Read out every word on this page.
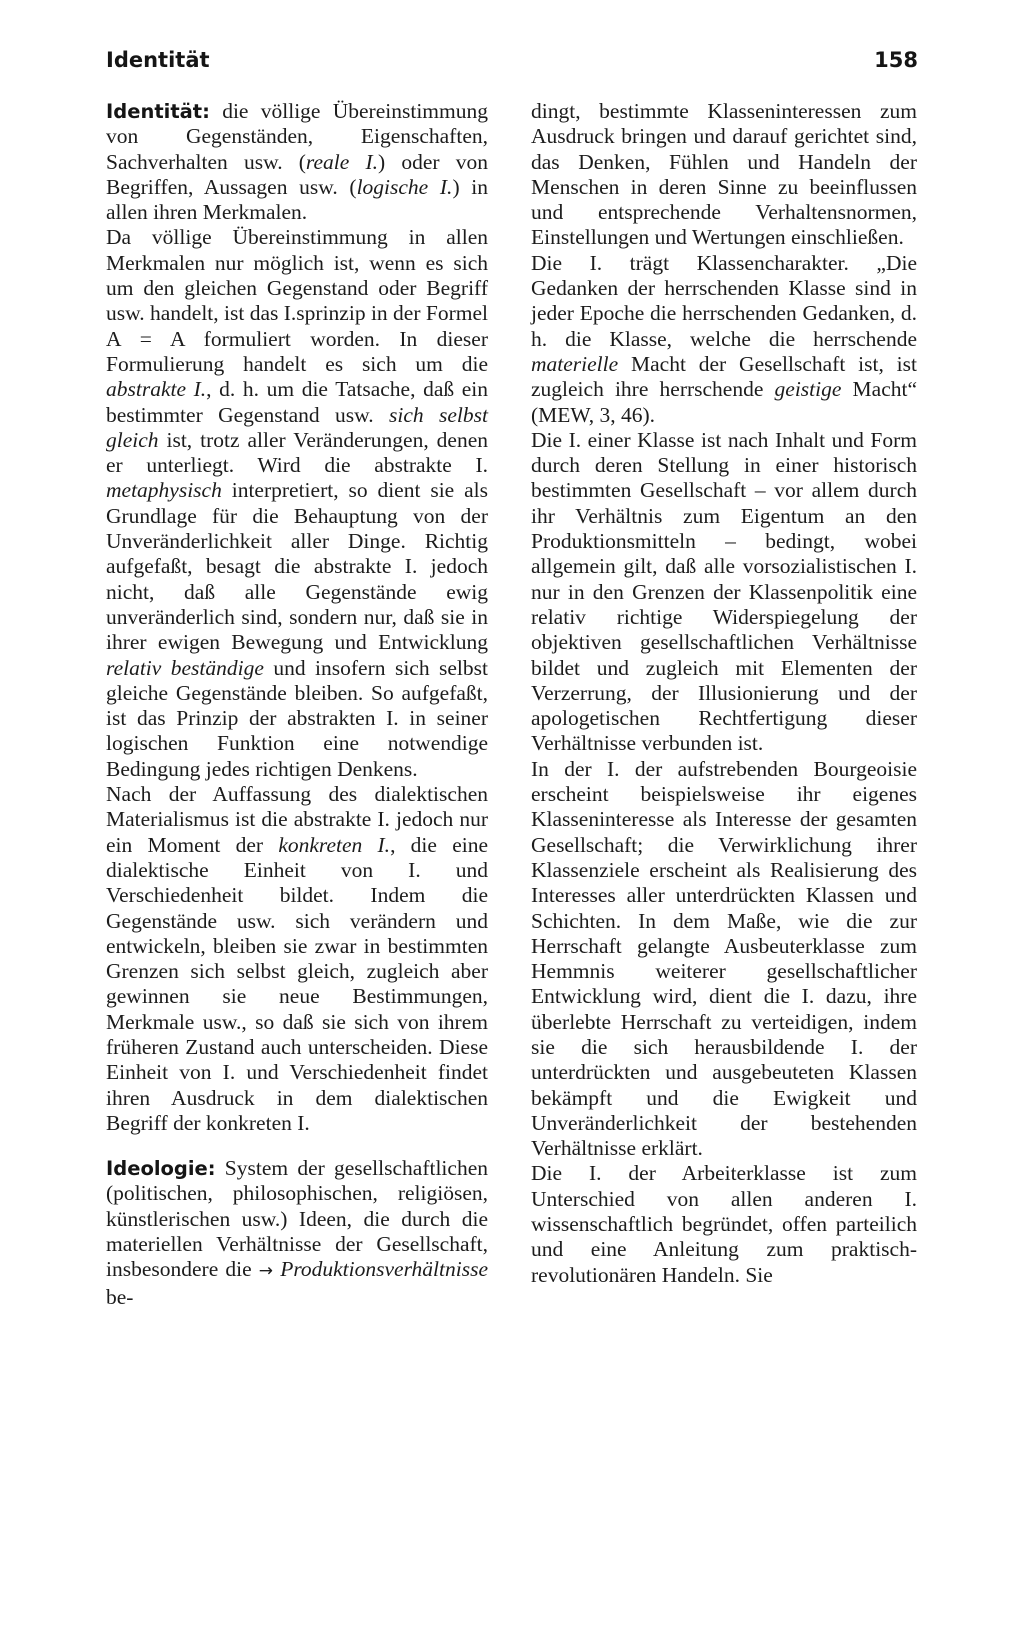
Identität	158

Identität: die völlige Übereinstimmung von Gegenständen, Eigenschaften, Sachverhalten usw. (reale I.) oder von Begriffen, Aussagen usw. (logische I.) in allen ihren Merkmalen.

Da völlige Übereinstimmung in allen Merkmalen nur möglich ist, wenn es sich um den gleichen Gegenstand oder Begriff usw. handelt, ist das I.sprinzip in der Formel A = A formuliert worden. In dieser Formulierung handelt es sich um die abstrakte I., d. h. um die Tatsache, daß ein bestimmter Gegenstand usw. sich selbst gleich ist, trotz aller Veränderungen, denen er unterliegt. Wird die abstrakte I. metaphysisch interpretiert, so dient sie als Grundlage für die Behauptung von der Unveränderlichkeit aller Dinge. Richtig aufgefaßt, besagt die abstrakte I. jedoch nicht, daß alle Gegenstände ewig unveränderlich sind, sondern nur, daß sie in ihrer ewigen Bewegung und Entwicklung relativ beständige und insofern sich selbst gleiche Gegenstände bleiben. So aufgefaßt, ist das Prinzip der abstrakten I. in seiner logischen Funktion eine notwendige Bedingung jedes richtigen Denkens.

Nach der Auffassung des dialektischen Materialismus ist die abstrakte I. jedoch nur ein Moment der konkreten I., die eine dialektische Einheit von I. und Verschiedenheit bildet. Indem die Gegenstände usw. sich verändern und entwickeln, bleiben sie zwar in bestimmten Grenzen sich selbst gleich, zugleich aber gewinnen sie neue Bestimmungen, Merkmale usw., so daß sie sich von ihrem früheren Zustand auch unterscheiden. Diese Einheit von I. und Verschiedenheit findet ihren Ausdruck in dem dialektischen Begriff der konkreten I.

Ideologie: System der gesellschaftlichen (politischen, philosophischen, religiösen, künstlerischen usw.) Ideen, die durch die materiellen Verhältnisse der Gesellschaft, insbesondere die → Produktionsverhältnisse be-

dingt, bestimmte Klasseninteressen zum Ausdruck bringen und darauf gerichtet sind, das Denken, Fühlen und Handeln der Menschen in deren Sinne zu beeinflussen und entsprechende Verhaltensnormen, Einstellungen und Wertungen einschließen.

Die I. trägt Klassencharakter. „Die Gedanken der herrschenden Klasse sind in jeder Epoche die herrschenden Gedanken, d. h. die Klasse, welche die herrschende materielle Macht der Gesellschaft ist, ist zugleich ihre herrschende geistige Macht“ (MEW, 3, 46).

Die I. einer Klasse ist nach Inhalt und Form durch deren Stellung in einer historisch bestimmten Gesellschaft – vor allem durch ihr Verhältnis zum Eigentum an den Produktionsmitteln – bedingt, wobei allgemein gilt, daß alle vorsozialistischen I. nur in den Grenzen der Klassenpolitik eine relativ richtige Widerspiegelung der objektiven gesellschaftlichen Verhältnisse bildet und zugleich mit Elementen der Verzerrung, der Illusionierung und der apologetischen Rechtfertigung dieser Verhältnisse verbunden ist.

In der I. der aufstrebenden Bourgeoisie erscheint beispielsweise ihr eigenes Klasseninteresse als Interesse der gesamten Gesellschaft; die Verwirklichung ihrer Klassenziele erscheint als Realisierung des Interesses aller unterdrückten Klassen und Schichten. In dem Maße, wie die zur Herrschaft gelangte Ausbeuterklasse zum Hemmnis weiterer gesellschaftlicher Entwicklung wird, dient die I. dazu, ihre überlebte Herrschaft zu verteidigen, indem sie die sich herausbildende I. der unterdrückten und ausgebeuteten Klassen bekämpft und die Ewigkeit und Unveränderlichkeit der bestehenden Verhältnisse erklärt.

Die I. der Arbeiterklasse ist zum Unterschied von allen anderen I. wissenschaftlich begründet, offen parteilich und eine Anleitung zum praktisch-revolutionären Handeln. Sie
